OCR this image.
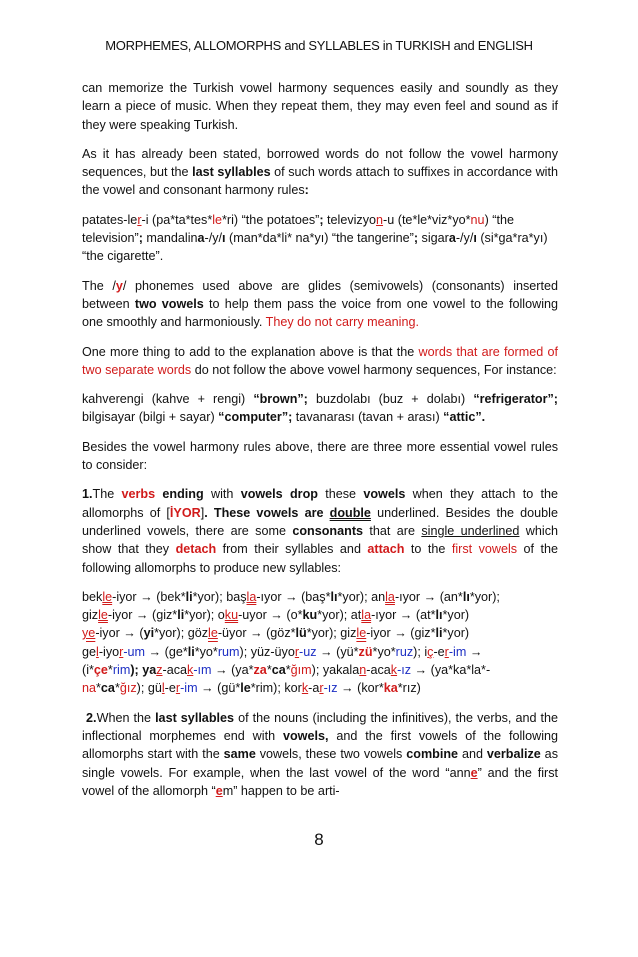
MORPHEMES, ALLOMORPHS and SYLLABLES in TURKISH and ENGLISH

can memorize the Turkish vowel harmony sequences easily and soundly as they learn a piece of music. When they repeat them, they may even feel and sound as if they were speaking Turkish.

As it has already been stated, borrowed words do not follow the vowel harmony sequences, but the last syllables of such words attach to suffixes in accordance with the vowel and consonant harmony rules:

patates-ler-i (pa*ta*tes*le*ri) “the potatoes”; televizyon-u (te*le*viz*yo*nu) “the television”; mandalina-/y/ı (man*da*li* na*yı) “the tangerine”; sigara-/y/ı (si*ga*ra*yı) “the cigarette”.

The /y/ phonemes used above are glides (semivowels) (consonants) inserted between two vowels to help them pass the voice from one vowel to the following one smoothly and harmoniously. They do not carry meaning.

One more thing to add to the explanation above is that the words that are formed of two separate words do not follow the above vowel harmony sequences, For instance:

kahverengi (kahve + rengi) “brown”; buzdolabı (buz + dolabı) “refrigerator”; bilgisayar (bilgi + sayar) “computer”; tavanarası (tavan + arası) “attic”.

Besides the vowel harmony rules above, there are three more essential vowel rules to consider:

1.The verbs ending with vowels drop these vowels when they attach to the allomorphs of [İYOR]. These vowels are double underlined. Besides the double underlined vowels, there are some consonants that are single underlined which show that they detach from their syllables and attach to the first vowels of the following allomorphs to produce new syllables:

bekle-iyor → (bek*li*yor); başla-ıyor → (baş*lı*yor); anla-ıyor → (an*lı*yor);
gizle-iyor → (giz*li*yor); oku-uyor → (o*ku*yor); atla-ıyor → (at*lı*yor)
ye-iyor → (yi*yor); gözle-üyor → (göz*lü*yor); gizle-iyor → (giz*li*yor)
gel-iyor-um → (ge*li*yo*rum); yüz-üyor-uz → (yü*zü*yo*ruz); iç-er-im →
(i*çe*rim); yaz-acak-ım → (ya*za*ca*ğım); yakalan-acak-ız → (ya*ka*la*-
na*ca*ğız); gül-er-im → (gü*le*rim); kork-ar-ız → (kor*ka*rız)

2.When the last syllables of the nouns (including the infinitives), the verbs, and the inflectional morphemes end with vowels, and the first vowels of the following allomorphs start with the same vowels, these two vowels combine and verbalize as single vowels. For example, when the last vowel of the word “anne” and the first vowel of the allomorph “em” happen to be arti-

8
